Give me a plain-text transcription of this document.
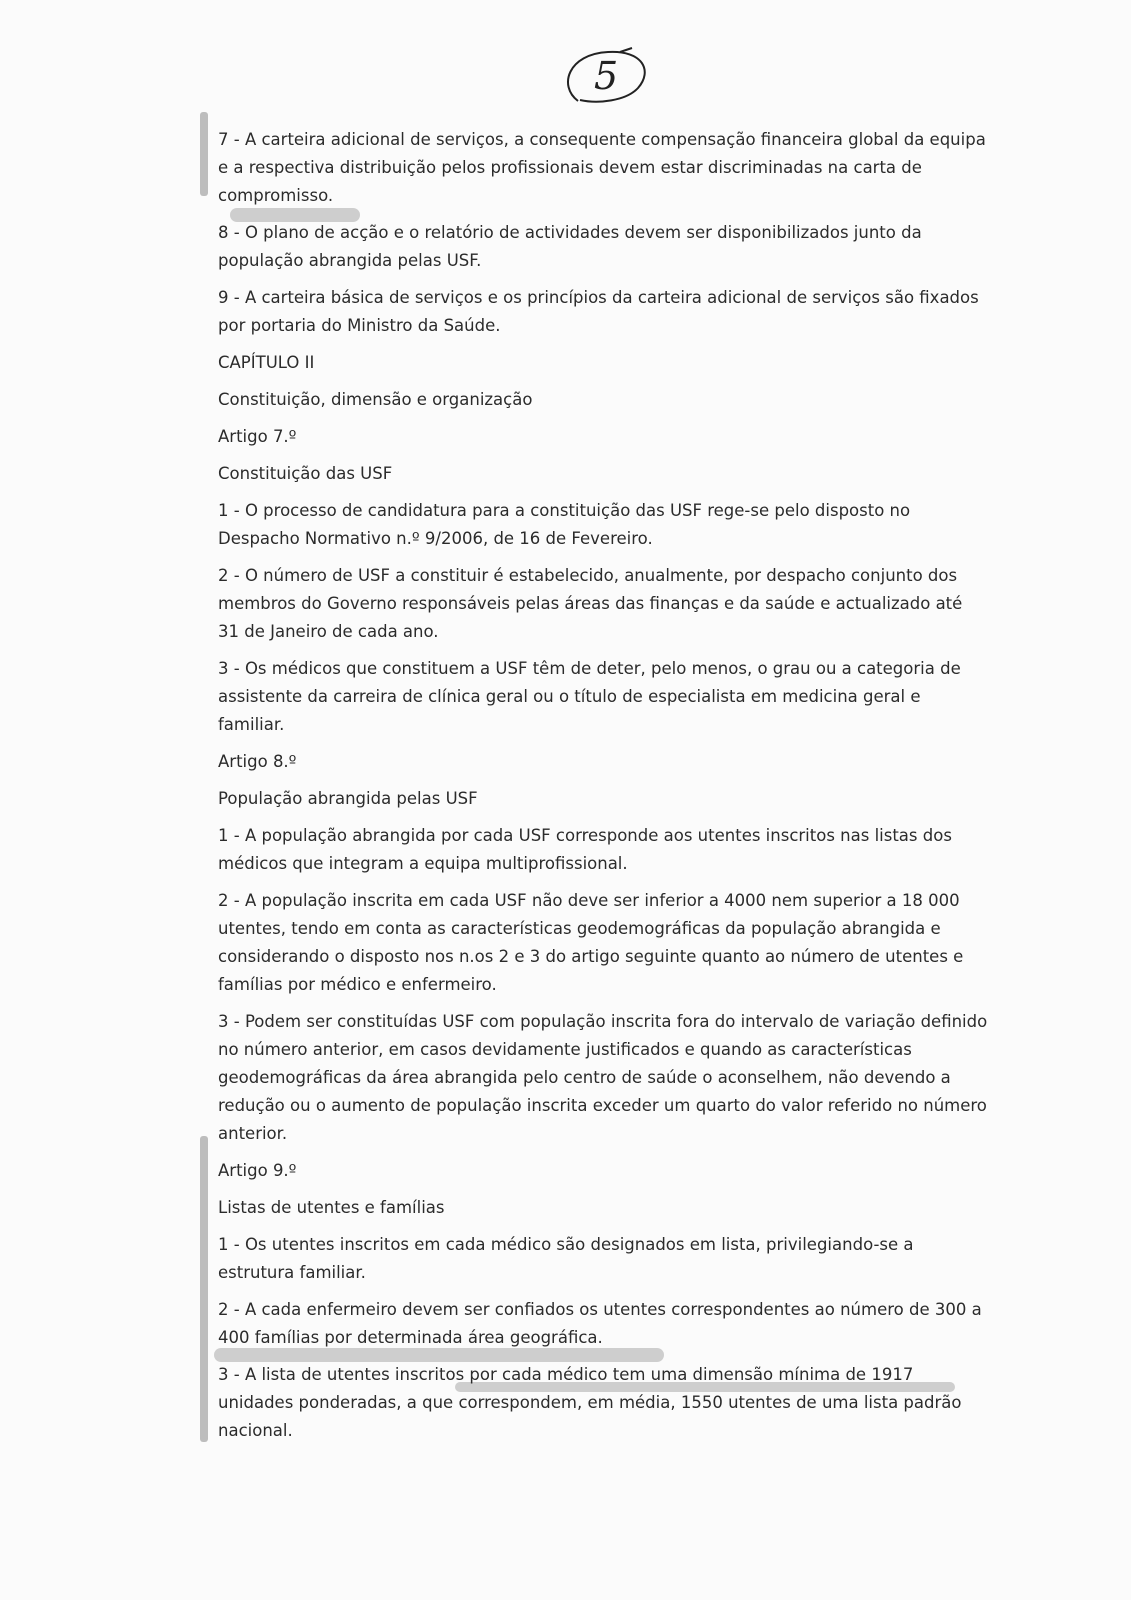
5

7 - A carteira adicional de serviços, a consequente compensação financeira global da equipa e a respectiva distribuição pelos profissionais devem estar discriminadas na carta de compromisso.

8 - O plano de acção e o relatório de actividades devem ser disponibilizados junto da população abrangida pelas USF.

9 - A carteira básica de serviços e os princípios da carteira adicional de serviços são fixados por portaria do Ministro da Saúde.

CAPÍTULO II

Constituição, dimensão e organização

Artigo 7.º

Constituição das USF

1 - O processo de candidatura para a constituição das USF rege-se pelo disposto no Despacho Normativo n.º 9/2006, de 16 de Fevereiro.

2 - O número de USF a constituir é estabelecido, anualmente, por despacho conjunto dos membros do Governo responsáveis pelas áreas das finanças e da saúde e actualizado até 31 de Janeiro de cada ano.

3 - Os médicos que constituem a USF têm de deter, pelo menos, o grau ou a categoria de assistente da carreira de clínica geral ou o título de especialista em medicina geral e familiar.

Artigo 8.º

População abrangida pelas USF

1 - A população abrangida por cada USF corresponde aos utentes inscritos nas listas dos médicos que integram a equipa multiprofissional.

2 - A população inscrita em cada USF não deve ser inferior a 4000 nem superior a 18 000 utentes, tendo em conta as características geodemográficas da população abrangida e considerando o disposto nos n.os 2 e 3 do artigo seguinte quanto ao número de utentes e famílias por médico e enfermeiro.

3 - Podem ser constituídas USF com população inscrita fora do intervalo de variação definido no número anterior, em casos devidamente justificados e quando as características geodemográficas da área abrangida pelo centro de saúde o aconselhem, não devendo a redução ou o aumento de população inscrita exceder um quarto do valor referido no número anterior.

Artigo 9.º

Listas de utentes e famílias

1 - Os utentes inscritos em cada médico são designados em lista, privilegiando-se a estrutura familiar.

2 - A cada enfermeiro devem ser confiados os utentes correspondentes ao número de 300 a 400 famílias por determinada área geográfica.

3 - A lista de utentes inscritos por cada médico tem uma dimensão mínima de 1917 unidades ponderadas, a que correspondem, em média, 1550 utentes de uma lista padrão nacional.
